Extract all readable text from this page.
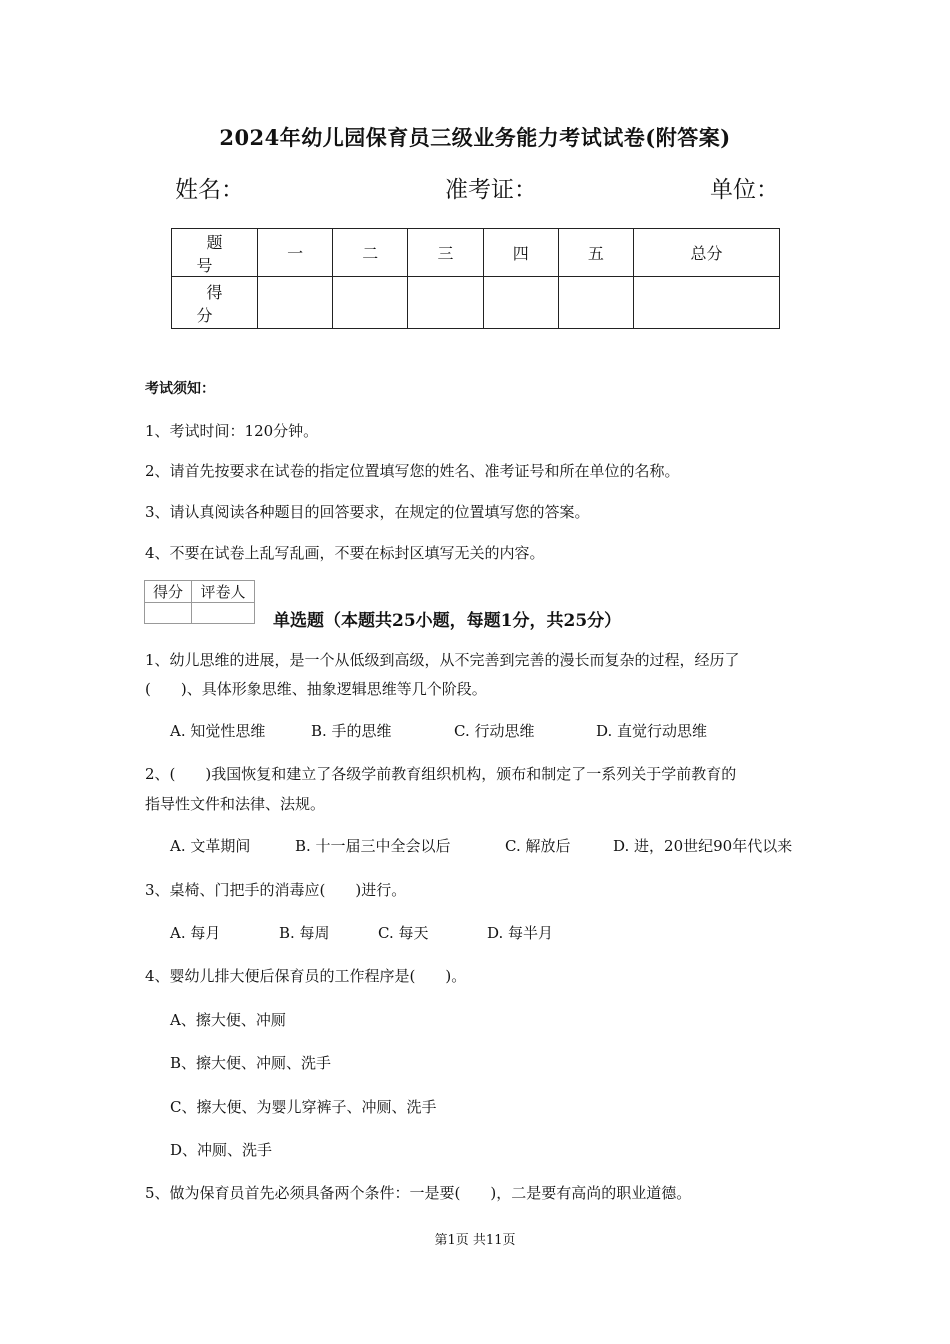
2024年幼儿园保育员三级业务能力考试试卷(附答案)
姓名：	准考证：	单位：
题号	一	二	三	四	五	总分
得分						
考试须知：
1、考试时间：120分钟。
2、请首先按要求在试卷的指定位置填写您的姓名、准考证号和所在单位的名称。
3、请认真阅读各种题目的回答要求，在规定的位置填写您的答案。
4、不要在试卷上乱写乱画，不要在标封区填写无关的内容。
得分	评卷人

单选题（本题共25小题，每题1分，共25分）
1、幼儿思维的进展，是一个从低级到高级，从不完善到完善的漫长而复杂的过程，经历了
(　　)、具体形象思维、抽象逻辑思维等几个阶段。
A. 知觉性思维	B. 手的思维	C. 行动思维	D. 直觉行动思维
2、(　　)我国恢复和建立了各级学前教育组织机构，颁布和制定了一系列关于学前教育的
指导性文件和法律、法规。
A. 文革期间	B. 十一届三中全会以后	C. 解放后	D. 进，20世纪90年代以来
3、桌椅、门把手的消毒应(　　)进行。
A. 每月	B. 每周	C. 每天	D. 每半月
4、婴幼儿排大便后保育员的工作程序是(　　)。
A、擦大便、冲厕
B、擦大便、冲厕、洗手
C、擦大便、为婴儿穿裤子、冲厕、洗手
D、冲厕、洗手
5、做为保育员首先必须具备两个条件：一是要(　　)，二是要有高尚的职业道德。
第1页 共11页
